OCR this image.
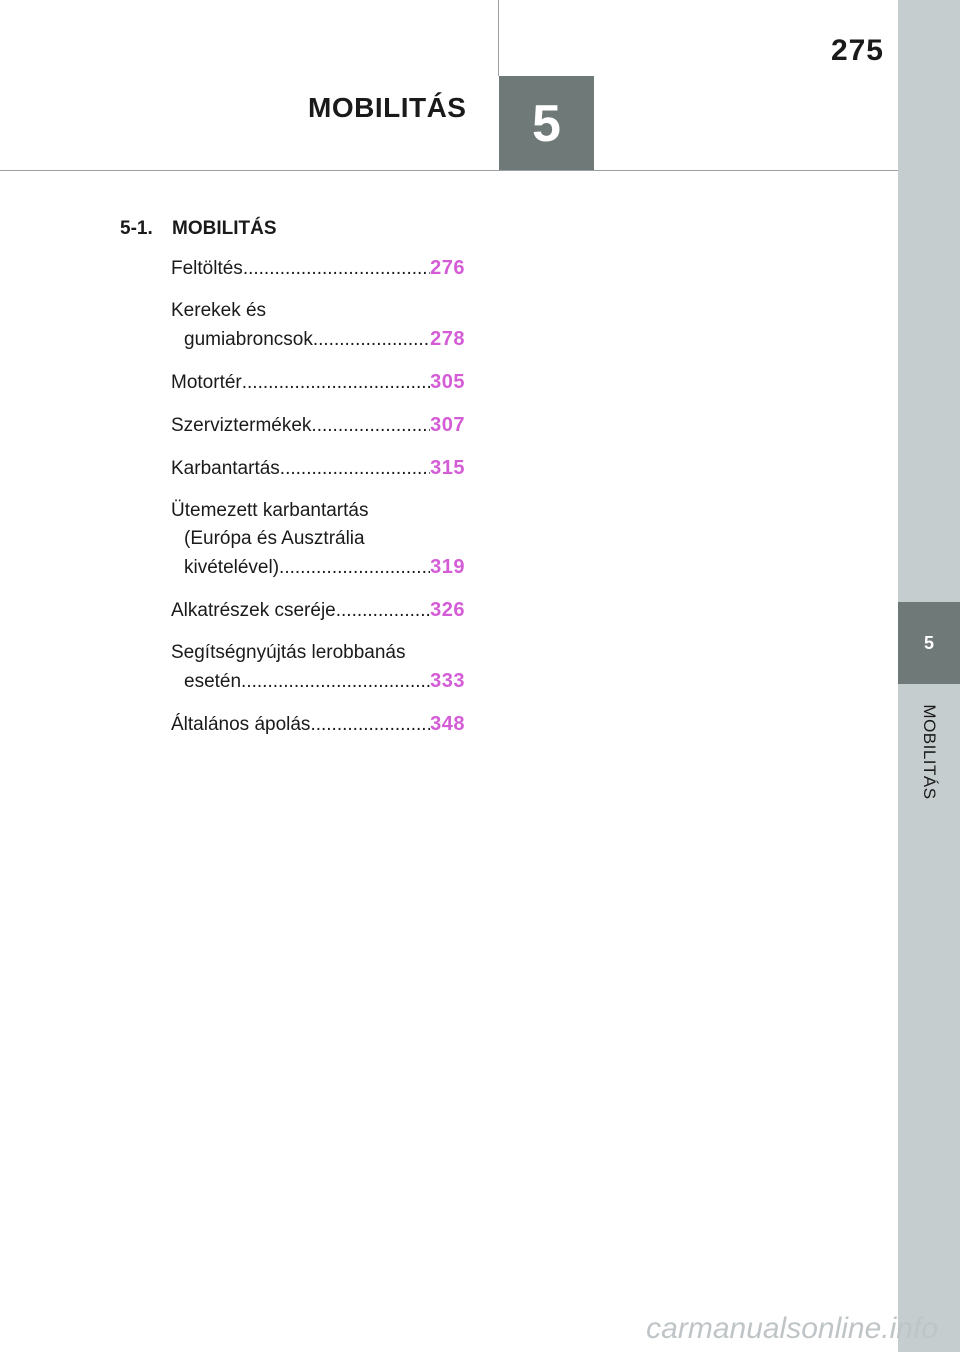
275
MOBILITÁS	5
5
MOBILITÁS
5-1.	MOBILITÁS
Feltöltés .....	276
Kerekek és
gumiabroncsok .....	278
Motortér .....	305
Szerviztermékek .....	307
Karbantartás .....	315
Ütemezett karbantartás
(Európa és Ausztrália
kivételével) .....	319
Alkatrészek cseréje .....	326
Segítségnyújtás lerobbanás
esetén .....	333
Általános ápolás .....	348
carmanualsonline.info
